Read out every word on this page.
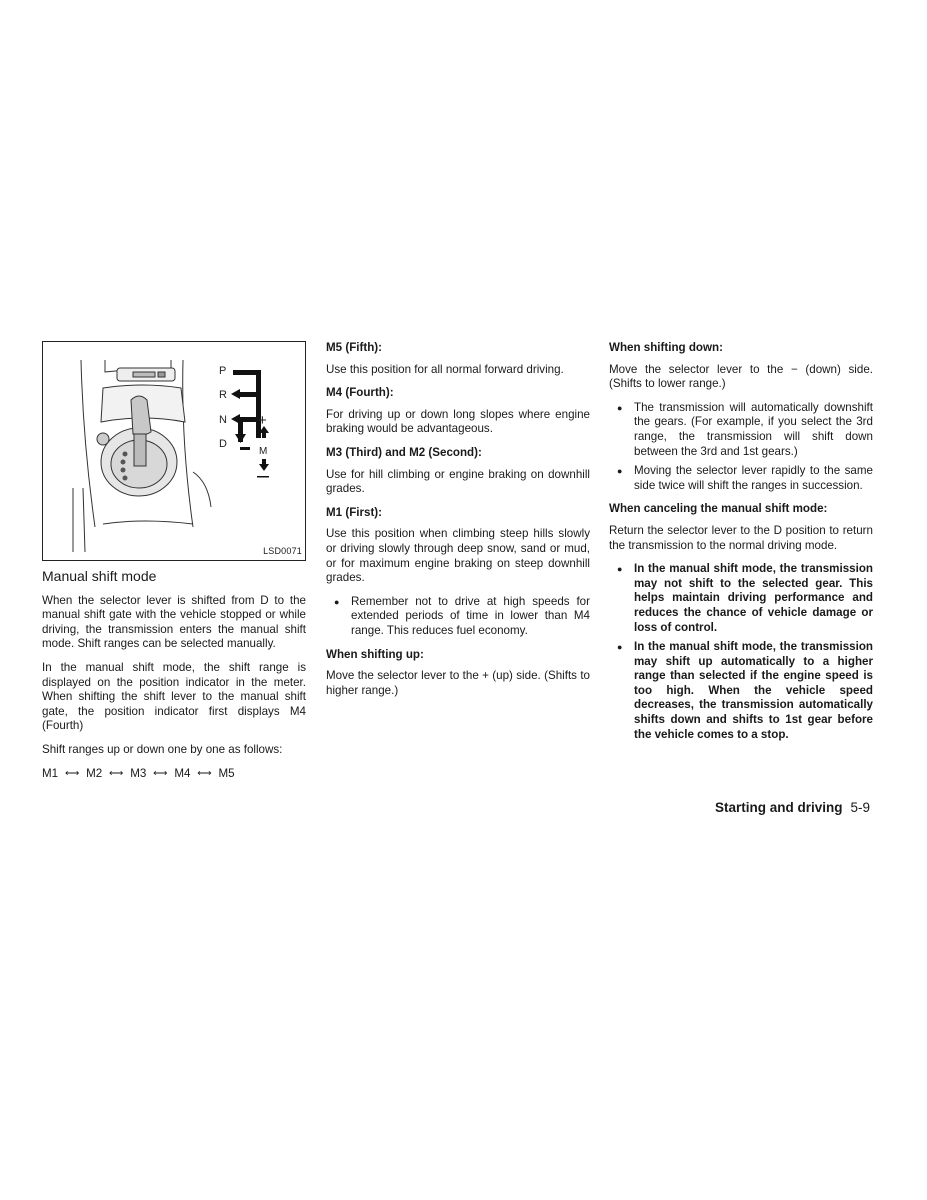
P
R
N
D
+
M
LSD0071
Manual shift mode

When the selector lever is shifted from D to the manual shift gate with the vehicle stopped or while driving, the transmission enters the manual shift mode. Shift ranges can be selected manually.

In the manual shift mode, the shift range is displayed on the position indicator in the meter. When shifting the shift lever to the manual shift gate, the position indicator first displays M4 (Fourth)

Shift ranges up or down one by one as follows:

M1 ⟷ M2 ⟷ M3 ⟷ M4 ⟷ M5
M5 (Fifth):

Use this position for all normal forward driving.

M4 (Fourth):

For driving up or down long slopes where engine braking would be advantageous.

M3 (Third) and M2 (Second):

Use for hill climbing or engine braking on downhill grades.

M1 (First):

Use this position when climbing steep hills slowly or driving slowly through deep snow, sand or mud, or for maximum engine braking on steep downhill grades.

● Remember not to drive at high speeds for extended periods of time in lower than M4 range. This reduces fuel economy.
When shifting up:

Move the selector lever to the + (up) side. (Shifts to higher range.)

When shifting down:

Move the selector lever to the − (down) side. (Shifts to lower range.)

● The transmission will automatically downshift the gears. (For example, if you select the 3rd range, the transmission will shift down between the 3rd and 1st gears.)
● Moving the selector lever rapidly to the same side twice will shift the ranges in succession.
When canceling the manual shift mode:

Return the selector lever to the D position to return the transmission to the normal driving mode.

● In the manual shift mode, the transmission may not shift to the selected gear. This helps maintain driving performance and reduces the chance of vehicle damage or loss of control.
● In the manual shift mode, the transmission may shift up automatically to a higher range than selected if the engine speed is too high. When the vehicle speed decreases, the transmission automatically shifts down and shifts to 1st gear before the vehicle comes to a stop.
Starting and driving 5-9
